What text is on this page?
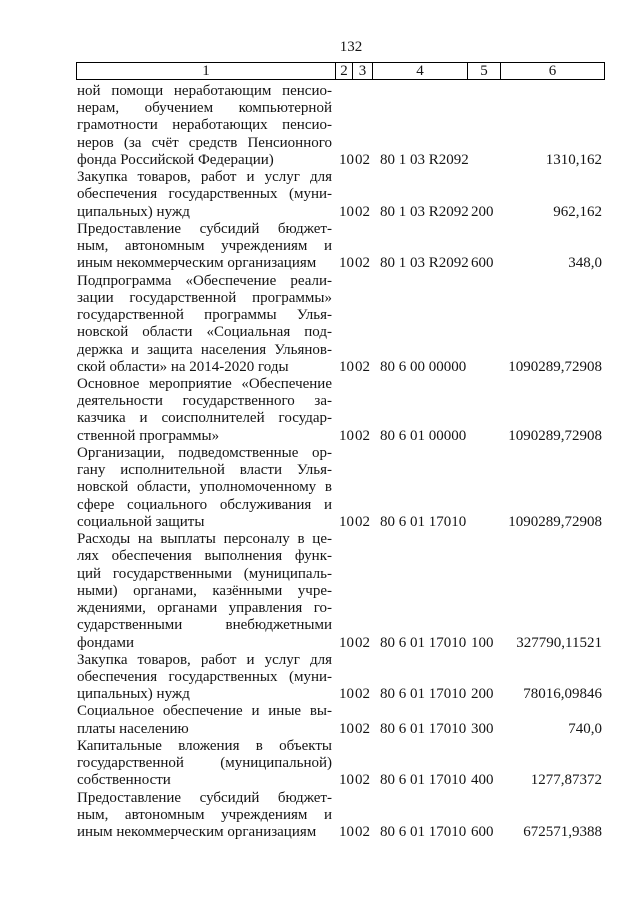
132
1	2 3	4	5	6
ной помощи неработающим пенсио-
нерам, обучением компьютерной
грамотности неработающих пенсио-
неров (за счёт средств Пенсионного
фонда Российской Федерации)	10 02 80 1 03 R2092	1310,162
Закупка товаров, работ и услуг для
обеспечения государственных (муни-
ципальных) нужд	10 02 80 1 03 R2092 200	962,162
Предоставление субсидий бюджет-
ным, автономным учреждениям и
иным некоммерческим организациям	10 02 80 1 03 R2092 600	348,0
Подпрограмма «Обеспечение реали-
зации государственной программы»
государственной программы Улья-
новской области «Социальная под-
держка и защита населения Ульянов-
ской области» на 2014-2020 годы	10 02 80 6 00 00000	1090289,72908
Основное мероприятие «Обеспечение
деятельности государственного за-
казчика и соисполнителей государ-
ственной программы»	10 02 80 6 01 00000	1090289,72908
Организации, подведомственные ор-
гану исполнительной власти Улья-
новской области, уполномоченному в
сфере социального обслуживания и
социальной защиты	10 02 80 6 01 17010	1090289,72908
Расходы на выплаты персоналу в це-
лях обеспечения выполнения функ-
ций государственными (муниципаль-
ными) органами, казёнными учре-
ждениями, органами управления го-
сударственными внебюджетными
фондами	10 02 80 6 01 17010 100 327790,11521
Закупка товаров, работ и услуг для
обеспечения государственных (муни-
ципальных) нужд	10 02 80 6 01 17010 200 78016,09846
Социальное обеспечение и иные вы-
платы населению	10 02 80 6 01 17010 300	740,0
Капитальные вложения в объекты
государственной (муниципальной)
собственности	10 02 80 6 01 17010 400 1277,87372
Предоставление субсидий бюджет-
ным, автономным учреждениям и
иным некоммерческим организациям	10 02 80 6 01 17010 600 672571,9388
